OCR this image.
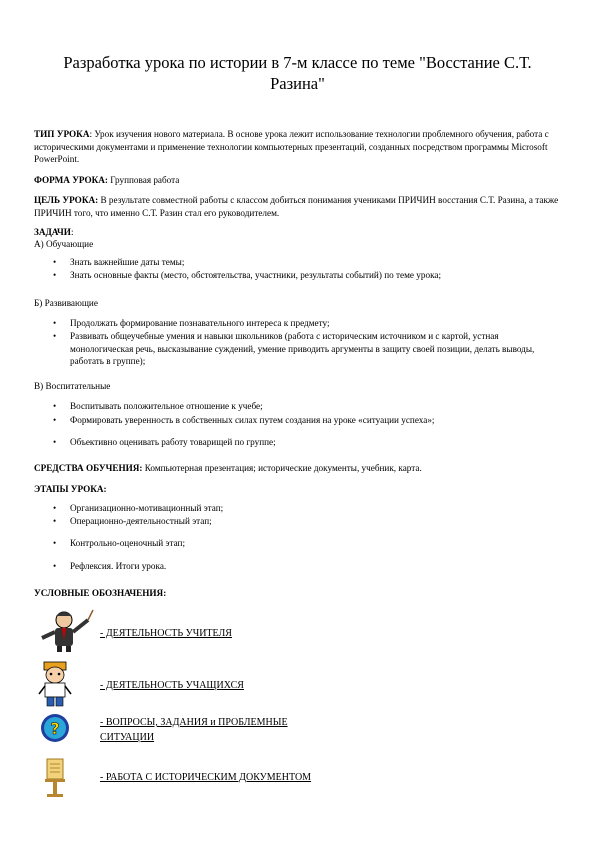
Разработка урока по истории в 7-м классе по теме "Восстание С.Т. Разина"
ТИП УРОКА: Урок изучения нового материала. В основе урока лежит использование технологии проблемного обучения, работа с историческими документами и применение технологии компьютерных презентаций, созданных посредством программы Microsoft PowerPoint.
ФОРМА УРОКА: Групповая работа
ЦЕЛЬ УРОКА: В результате совместной работы с классом добиться понимания учениками ПРИЧИН восстания С.Т. Разина, а также ПРИЧИН того, что именно С.Т. Разин стал его руководителем.
ЗАДАЧИ:
А) Обучающие
• Знать важнейшие даты темы;
• Знать основные факты (место, обстоятельства, участники, результаты событий) по теме урока;
Б) Развивающие
• Продолжать формирование познавательного интереса к предмету;
• Развивать общеучебные умения и навыки школьников (работа с историческим источником и с картой, устная монологическая речь, высказывание суждений, умение приводить аргументы в защиту своей позиции, делать выводы, работать в группе);
В) Воспитательные
• Воспитывать положительное отношение к учебе;
• Формировать уверенность в собственных силах путем создания на уроке «ситуации успеха»;
• Объективно оценивать работу товарищей по группе;
СРЕДСТВА ОБУЧЕНИЯ: Компьютерная презентация; исторические документы, учебник, карта.
ЭТАПЫ УРОКА:
• Организационно-мотивационный этап;
• Операционно-деятельностный этап;
• Контрольно-оценочный этап;
• Рефлексия. Итоги урока.
УСЛОВНЫЕ ОБОЗНАЧЕНИЯ:
- ДЕЯТЕЛЬНОСТЬ УЧИТЕЛЯ
- ДЕЯТЕЛЬНОСТЬ УЧАЩИХСЯ
?	- ВОПРОСЫ, ЗАДАНИЯ и ПРОБЛЕМНЫЕ
СИТУАЦИИ
- РАБОТА С ИСТОРИЧЕСКИМ ДОКУМЕНТОМ
